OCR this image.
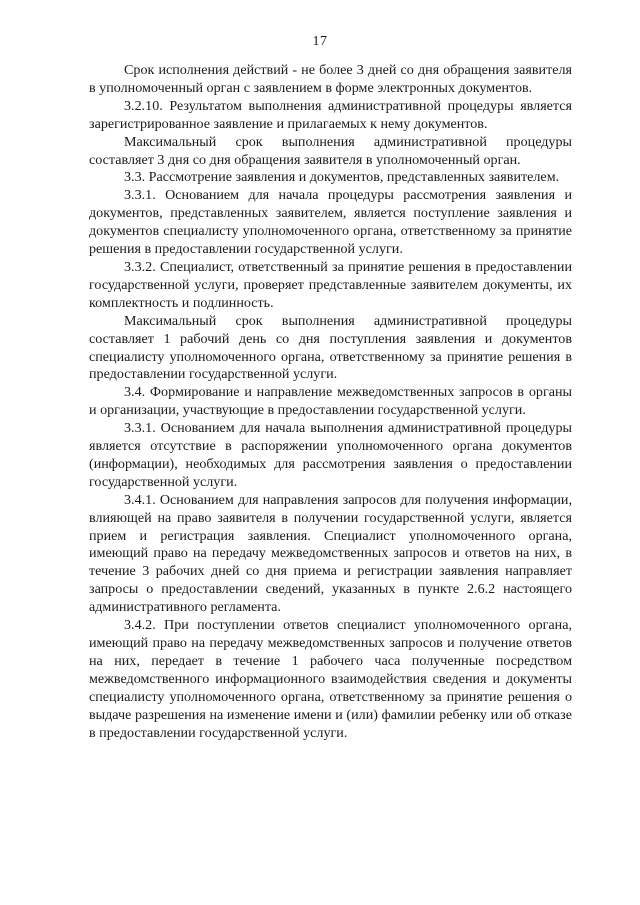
17

Срок исполнения действий - не более 3 дней со дня обращения заявителя в уполномоченный орган с заявлением в форме электронных документов.

3.2.10. Результатом выполнения административной процедуры является зарегистрированное заявление и прилагаемых к нему документов.

Максимальный срок выполнения административной процедуры составляет 3 дня со дня обращения заявителя в уполномоченный орган.

3.3. Рассмотрение заявления и документов, представленных заявителем.

3.3.1. Основанием для начала процедуры рассмотрения заявления и документов, представленных заявителем, является поступление заявления и документов специалисту уполномоченного органа, ответственному за принятие решения в предоставлении государственной услуги.

3.3.2. Специалист, ответственный за принятие решения в предоставлении государственной услуги, проверяет представленные заявителем документы, их комплектность и подлинность.

Максимальный срок выполнения административной процедуры составляет 1 рабочий день со дня поступления заявления и документов специалисту уполномоченного органа, ответственному за принятие решения в предоставлении государственной услуги.

3.4. Формирование и направление межведомственных запросов в органы и организации, участвующие в предоставлении государственной услуги.

3.3.1. Основанием для начала выполнения административной процедуры является отсутствие в распоряжении уполномоченного органа документов (информации), необходимых для рассмотрения заявления о предоставлении государственной услуги.

3.4.1. Основанием для направления запросов для получения информации, влияющей на право заявителя в получении государственной услуги, является прием и регистрация заявления. Специалист уполномоченного органа, имеющий право на передачу межведомственных запросов и ответов на них, в течение 3 рабочих дней со дня приема и регистрации заявления направляет запросы о предоставлении сведений, указанных в пункте 2.6.2 настоящего административного регламента.

3.4.2. При поступлении ответов специалист уполномоченного органа, имеющий право на передачу межведомственных запросов и получение ответов на них, передает в течение 1 рабочего часа полученные посредством межведомственного информационного взаимодействия сведения и документы специалисту уполномоченного органа, ответственному за принятие решения о выдаче разрешения на изменение имени и (или) фамилии ребенку или об отказе в предоставлении государственной услуги.
